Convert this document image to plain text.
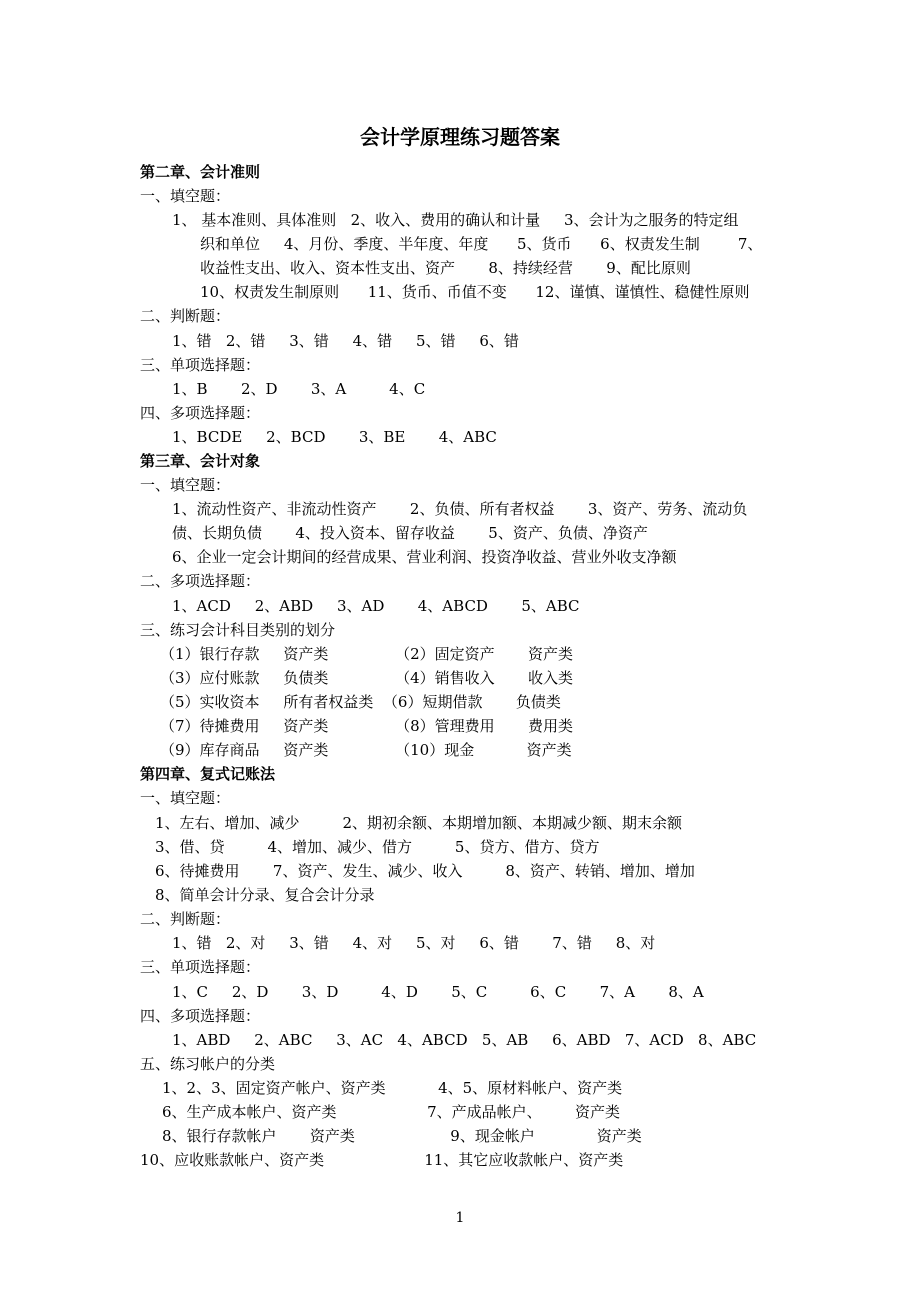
会计学原理练习题答案
第二章、会计准则
一、填空题：
1、 基本准则、具体准则   2、收入、费用的确认和计量     3、会计为之服务的特定组
织和单位     4、月份、季度、半年度、年度      5、货币      6、权责发生制        7、
收益性支出、收入、资本性支出、资产       8、持续经营       9、配比原则
10、权责发生制原则      11、货币、币值不变      12、谨慎、谨慎性、稳健性原则
二、判断题：
1、错   2、错     3、错     4、错     5、错     6、错
三、单项选择题：
1、B       2、D       3、A         4、C
四、多项选择题：
1、BCDE     2、BCD       3、BE       4、ABC
第三章、会计对象
一、填空题：
1、流动性资产、非流动性资产       2、负债、所有者权益       3、资产、劳务、流动负
债、长期负债       4、投入资本、留存收益       5、资产、负债、净资产
6、企业一定会计期间的经营成果、营业利润、投资净收益、营业外收支净额
二、多项选择题：
1、ACD     2、ABD     3、AD       4、ABCD       5、ABC
三、练习会计科目类别的划分
（1）银行存款     资产类              （2）固定资产       资产类
（3）应付账款     负债类              （4）销售收入       收入类
（5）实收资本     所有者权益类  （6）短期借款       负债类
（7）待摊费用     资产类              （8）管理费用       费用类
（9）库存商品     资产类              （10）现金           资产类
第四章、复式记账法
一、填空题：
1、左右、增加、减少         2、期初余额、本期增加额、本期减少额、期末余额
3、借、贷         4、增加、减少、借方         5、贷方、借方、贷方
6、待摊费用       7、资产、发生、减少、收入         8、资产、转销、增加、增加
8、简单会计分录、复合会计分录
二、判断题：
1、错   2、对     3、错     4、对     5、对     6、错       7、错     8、对
三、单项选择题：
1、C     2、D       3、D         4、D       5、C         6、C       7、A       8、A
四、多项选择题：
1、ABD     2、ABC     3、AC   4、ABCD   5、AB     6、ABD   7、ACD   8、ABC
五、练习帐户的分类
1、2、3、固定资产帐户、资产类           4、5、原材料帐户、资产类
6、生产成本帐户、资产类                   7、产成品帐户、       资产类
8、银行存款帐户       资产类                    9、现金帐户             资产类
10、应收账款帐户、资产类                     11、其它应收款帐户、资产类
1
